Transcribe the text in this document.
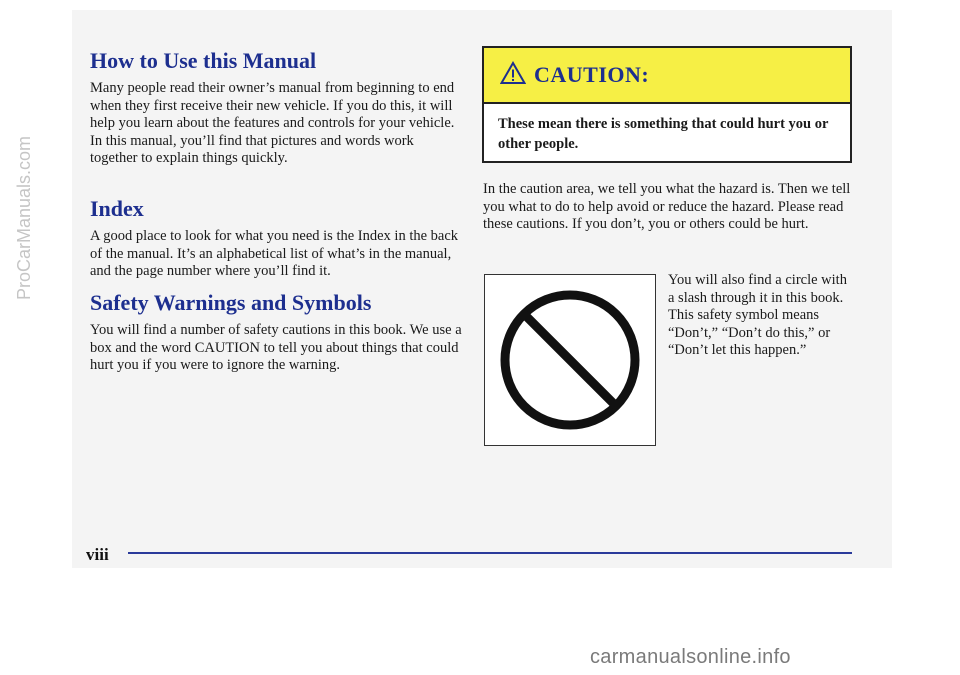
How to Use this Manual

Many people read their owner’s manual from beginning to end when they first receive their new vehicle. If you do this, it will help you learn about the features and controls for your vehicle. In this manual, you’ll find that pictures and words work together to explain things quickly.

Index

A good place to look for what you need is the Index in the back of the manual. It’s an alphabetical list of what’s in the manual, and the page number where you’ll find it.

Safety Warnings and Symbols

You will find a number of safety cautions in this book. We use a box and the word CAUTION to tell you about things that could hurt you if you were to ignore the warning.

CAUTION:
These mean there is something that could hurt you or other people.

In the caution area, we tell you what the hazard is. Then we tell you what to do to help avoid or reduce the hazard. Please read these cautions. If you don’t, you or others could be hurt.

You will also find a circle with a slash through it in this book. This safety symbol means “Don’t,” “Don’t do this,” or “Don’t let this happen.”

viii
ProCarManuals.com
carmanualsonline.info
